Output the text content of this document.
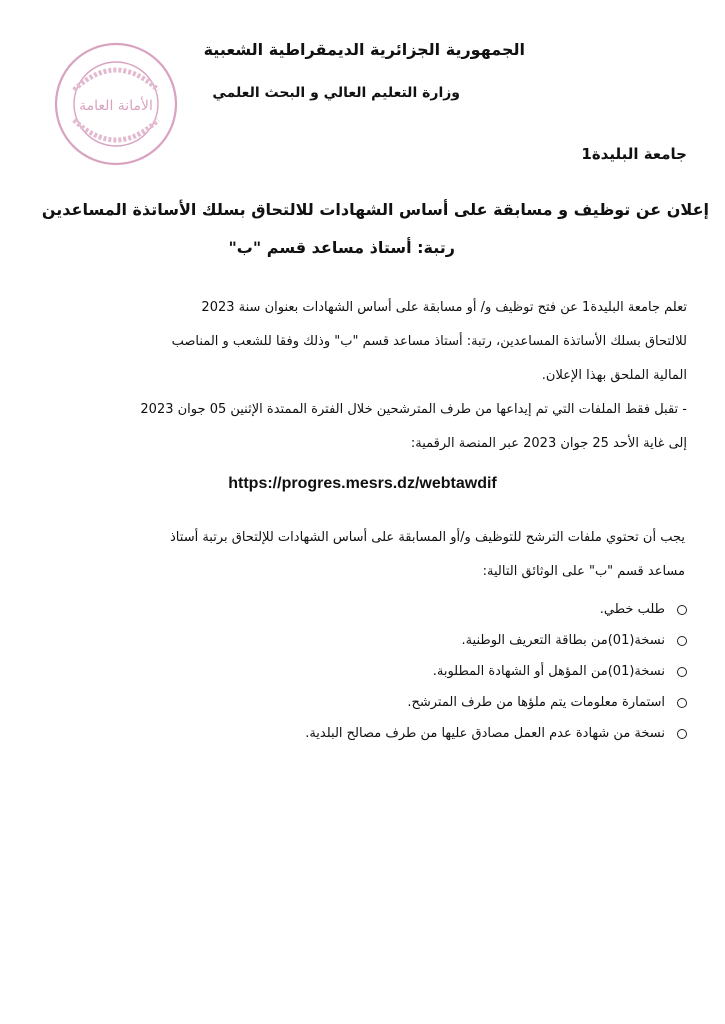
الأمانة العامة
الجمهورية الجزائرية الديمقراطية الشعبية
وزارة التعليم العالي و البحث العلمي
جامعة البليدة1
إعلان عن توظيف و مسابقة على أساس الشهادات للالتحاق بسلك الأساتذة المساعدين
رتبة: أستاذ مساعد قسم "ب"
تعلم جامعة البليدة1 عن فتح توظيف و/ أو مسابقة على أساس الشهادات بعنوان سنة 2023
للالتحاق بسلك الأساتذة المساعدين، رتبة: أستاذ مساعد قسم "ب" وذلك وفقا للشعب و المناصب
المالية الملحق بهذا الإعلان.
- تقبل فقط الملفات التي تم إيداعها من طرف المترشحين خلال الفترة الممتدة الإثنين 05 جوان 2023
إلى غاية الأحد 25 جوان 2023 عبر المنصة الرقمية:
https://progres.mesrs.dz/webtawdif
يجب أن تحتوي ملفات الترشح للتوظيف و/أو المسابقة على أساس الشهادات للإلتحاق برتبة أستاذ
مساعد قسم "ب" على الوثائق التالية:
طلب خطي.
نسخة(01)من بطاقة التعريف الوطنية.
نسخة(01)من المؤهل أو الشهادة المطلوبة.
استمارة معلومات يتم ملؤها من طرف المترشح.
نسخة من شهادة عدم العمل مصادق عليها من طرف مصالح البلدية.
